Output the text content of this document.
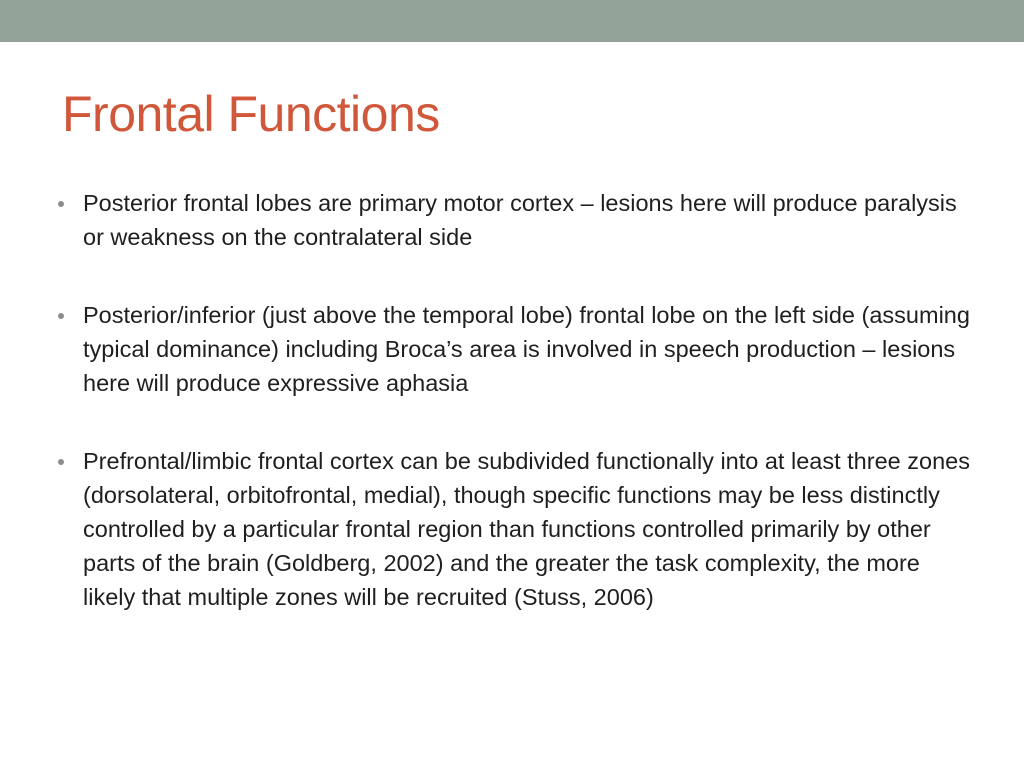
Frontal Functions
Posterior frontal lobes are primary motor cortex – lesions here will produce paralysis or weakness on the contralateral side
Posterior/inferior (just above the temporal lobe) frontal lobe on the left side (assuming typical dominance) including Broca’s area is involved in speech production – lesions here will produce expressive aphasia
Prefrontal/limbic frontal cortex can be subdivided functionally into at least three zones (dorsolateral, orbitofrontal, medial), though specific functions may be less distinctly controlled by a particular frontal region than functions controlled primarily by other parts of the brain (Goldberg, 2002) and the greater the task complexity, the more likely that multiple zones will be recruited (Stuss, 2006)
